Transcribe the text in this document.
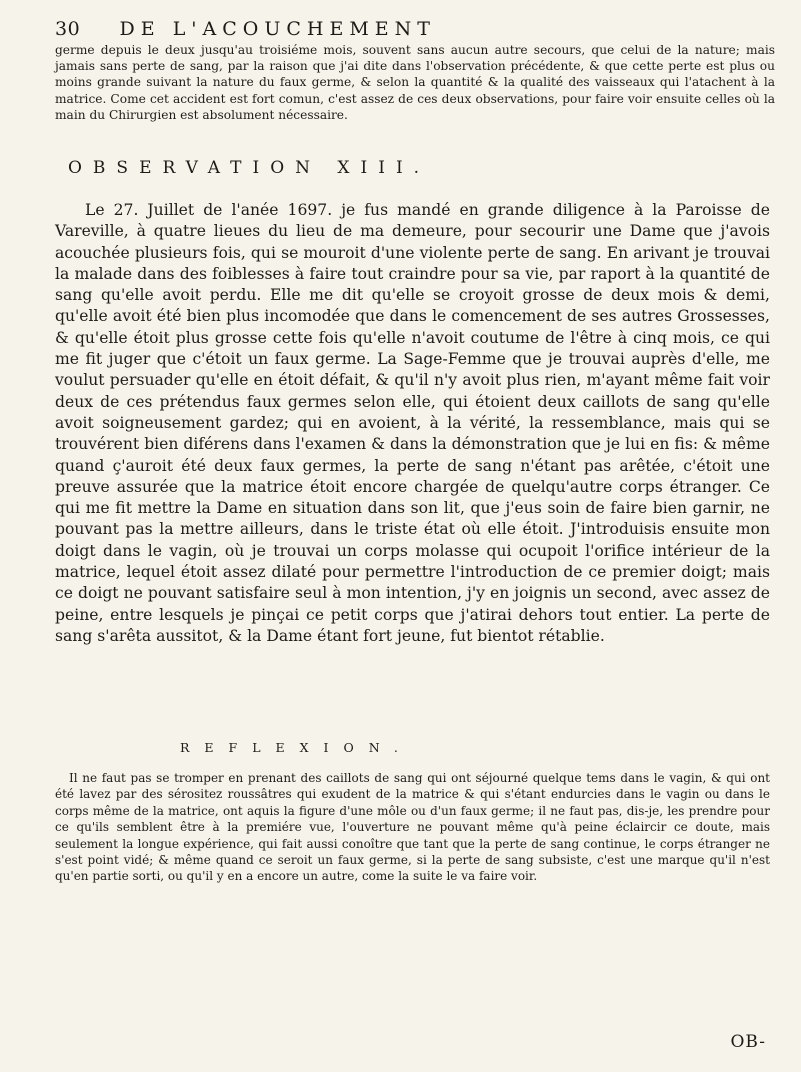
30 DE L'ACOUCHEMENT

germe depuis le deux jusqu'au troisiéme mois, souvent sans aucun autre secours, que celui de la nature; mais jamais sans perte de sang, par la raison que j'ai dite dans l'observation précédente, & que cette perte est plus ou moins grande suivant la nature du faux germe, & selon la quantité & la qualité des vaisseaux qui l'atachent à la matrice. Come cet accident est fort comun, c'est assez de ces deux observations, pour faire voir ensuite celles où la main du Chirurgien est absolument nécessaire.

OBSERVATION XIII.

Le 27. Juillet de l'anée 1697. je fus mandé en grande diligence à la Paroisse de Vareville, à quatre lieues du lieu de ma demeure, pour secourir une Dame que j'avois acouchée plusieurs fois, qui se mouroit d'une violente perte de sang. En arivant je trouvai la malade dans des foiblesses à faire tout craindre pour sa vie, par raport à la quantité de sang qu'elle avoit perdu. Elle me dit qu'elle se croyoit grosse de deux mois & demi, qu'elle avoit été bien plus incomodée que dans le comencement de ses autres Grossesses, & qu'elle étoit plus grosse cette fois qu'elle n'avoit coutume de l'être à cinq mois, ce qui me fit juger que c'étoit un faux germe. La Sage-Femme que je trouvai auprès d'elle, me voulut persuader qu'elle en étoit défait, & qu'il n'y avoit plus rien, m'ayant même fait voir deux de ces prétendus faux germes selon elle, qui étoient deux caillots de sang qu'elle avoit soigneusement gardez; qui en avoient, à la vérité, la ressemblance, mais qui se trouvérent bien diférens dans l'examen & dans la démonstration que je lui en fis: & même quand ç'auroit été deux faux germes, la perte de sang n'étant pas arêtée, c'étoit une preuve assurée que la matrice étoit encore chargée de quelqu'autre corps étranger. Ce qui me fit mettre la Dame en situation dans son lit, que j'eus soin de faire bien garnir, ne pouvant pas la mettre ailleurs, dans le triste état où elle étoit. J'introduisis ensuite mon doigt dans le vagin, où je trouvai un corps molasse qui ocupoit l'orifice intérieur de la matrice, lequel étoit assez dilaté pour permettre l'introduction de ce premier doigt; mais ce doigt ne pouvant satisfaire seul à mon intention, j'y en joignis un second, avec assez de peine, entre lesquels je pinçai ce petit corps que j'atirai dehors tout entier. La perte de sang s'arêta aussitot, & la Dame étant fort jeune, fut bientot rétablie.

REFLEXION.

Il ne faut pas se tromper en prenant des caillots de sang qui ont séjourné quelque tems dans le vagin, & qui ont été lavez par des sérositez roussâtres qui exudent de la matrice & qui s'étant endurcies dans le vagin ou dans le corps même de la matrice, ont aquis la figure d'une môle ou d'un faux germe; il ne faut pas, dis-je, les prendre pour ce qu'ils semblent être à la premiére vue, l'ouverture ne pouvant même qu'à peine éclaircir ce doute, mais seulement la longue expérience, qui fait aussi conoître que tant que la perte de sang continue, le corps étranger ne s'est point vidé; & même quand ce seroit un faux germe, si la perte de sang subsiste, c'est une marque qu'il n'est qu'en partie sorti, ou qu'il y en a encore un autre, come la suite le va faire voir.

OB-
